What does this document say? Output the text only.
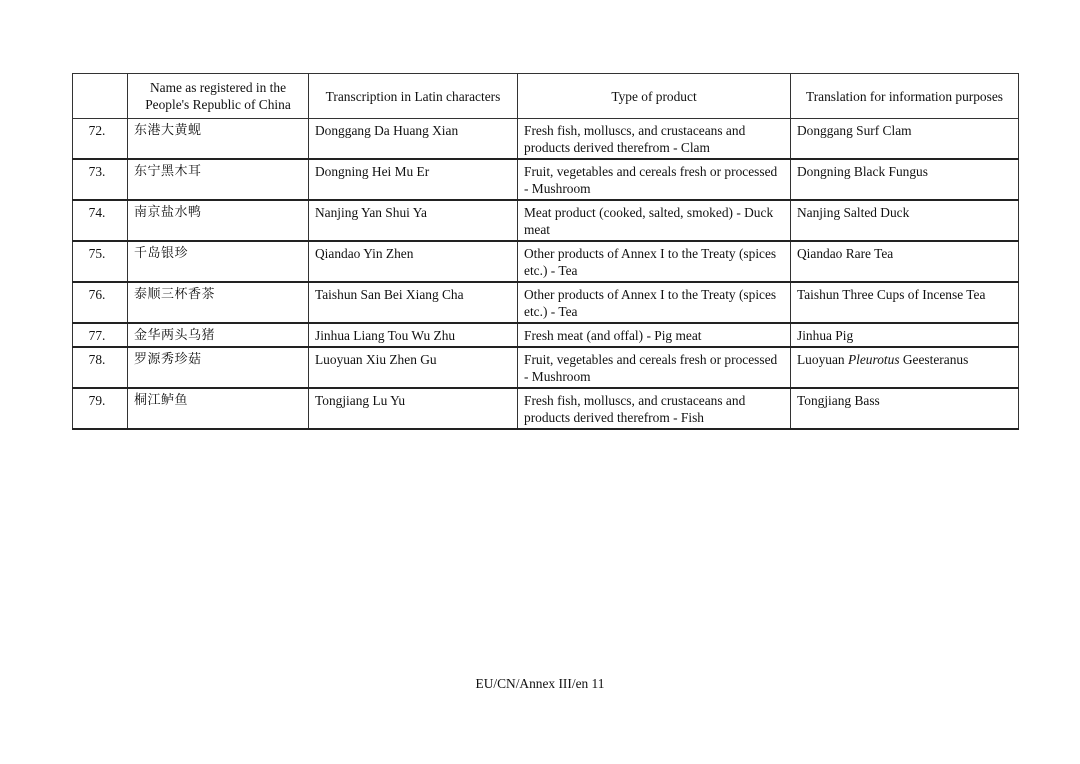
	Name as registered in the People's Republic of China	Transcription in Latin characters	Type of product	Translation for information purposes
72.	东港大黄蚬	Donggang Da Huang Xian	Fresh fish, molluscs, and crustaceans and products derived therefrom - Clam	Donggang Surf Clam
73.	东宁黑木耳	Dongning Hei Mu Er	Fruit, vegetables and cereals fresh or processed - Mushroom	Dongning Black Fungus
74.	南京盐水鸭	Nanjing Yan Shui Ya	Meat product (cooked, salted, smoked) - Duck meat	Nanjing Salted Duck
75.	千岛银珍	Qiandao Yin Zhen	Other products of Annex I to the Treaty (spices etc.) - Tea	Qiandao Rare Tea
76.	泰顺三杯香茶	Taishun San Bei Xiang Cha	Other products of Annex I to the Treaty (spices etc.) - Tea	Taishun Three Cups of Incense Tea
77.	金华两头乌猪	Jinhua Liang Tou Wu Zhu	Fresh meat (and offal) - Pig meat	Jinhua Pig
78.	罗源秀珍菇	Luoyuan Xiu Zhen Gu	Fruit, vegetables and cereals fresh or processed - Mushroom	Luoyuan Pleurotus Geesteranus
79.	桐江鲈鱼	Tongjiang Lu Yu	Fresh fish, molluscs, and crustaceans and products derived therefrom - Fish	Tongjiang Bass
EU/CN/Annex III/en 11
